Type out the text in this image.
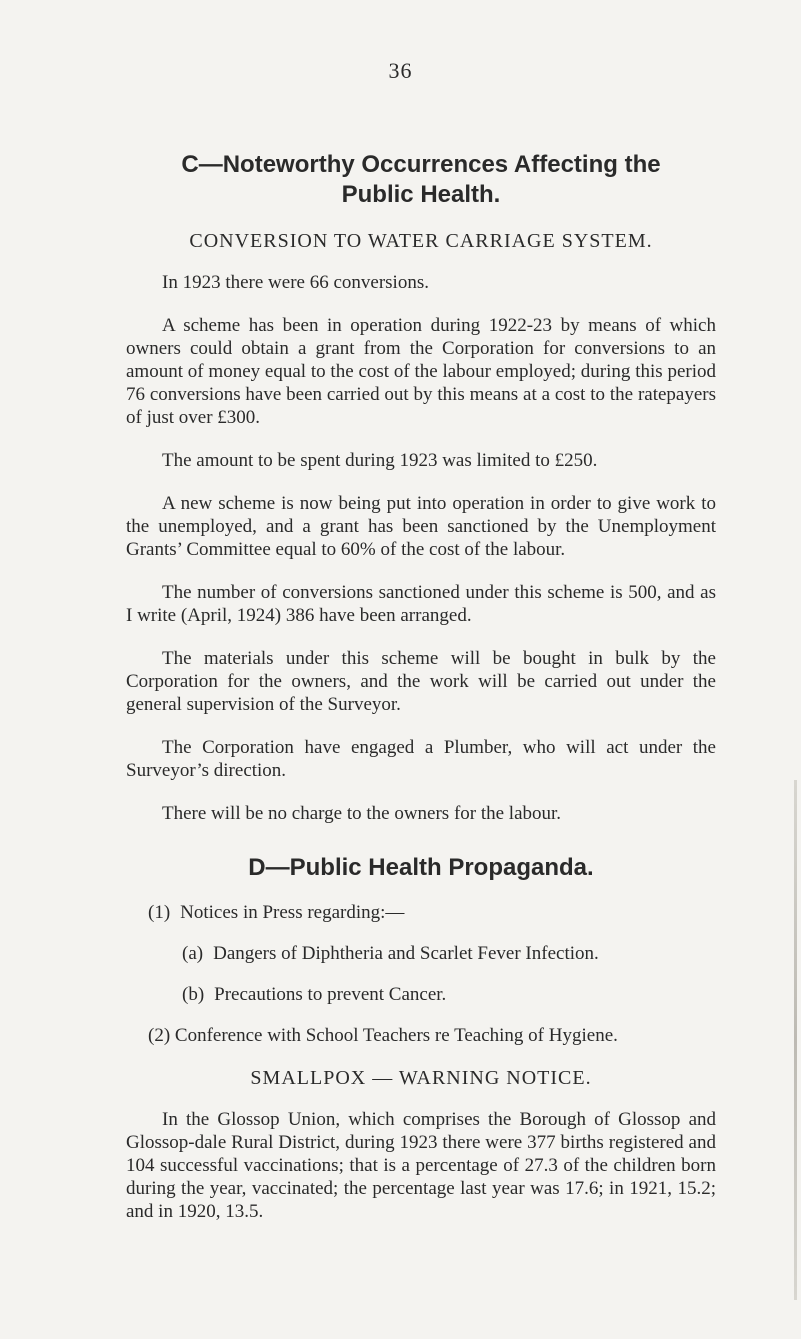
36
C—Noteworthy Occurrences Affecting the
Public Health.
CONVERSION TO WATER CARRIAGE SYSTEM.

In 1923 there were 66 conversions.

A scheme has been in operation during 1922-23 by means of which owners could obtain a grant from the Corporation for conversions to an amount of money equal to the cost of the labour employed; during this period 76 conversions have been carried out by this means at a cost to the ratepayers of just over £300.

The amount to be spent during 1923 was limited to £250.

A new scheme is now being put into operation in order to give work to the unemployed, and a grant has been sanctioned by the Unemployment Grants’ Committee equal to 60% of the cost of the labour.

The number of conversions sanctioned under this scheme is 500, and as I write (April, 1924) 386 have been arranged.

The materials under this scheme will be bought in bulk by the Corporation for the owners, and the work will be carried out under the general supervision of the Surveyor.

The Corporation have engaged a Plumber, who will act under the Surveyor’s direction.

There will be no charge to the owners for the labour.

D—Public Health Propaganda.
(1) Notices in Press regarding:—
(a) Dangers of Diphtheria and Scarlet Fever Infection.
(b) Precautions to prevent Cancer.
(2) Conference with School Teachers re Teaching of Hygiene.
SMALLPOX — WARNING NOTICE.

In the Glossop Union, which comprises the Borough of Glossop and Glossop-dale Rural District, during 1923 there were 377 births registered and 104 successful vaccinations; that is a percentage of 27.3 of the children born during the year, vaccinated; the percentage last year was 17.6; in 1921, 15.2; and in 1920, 13.5.
